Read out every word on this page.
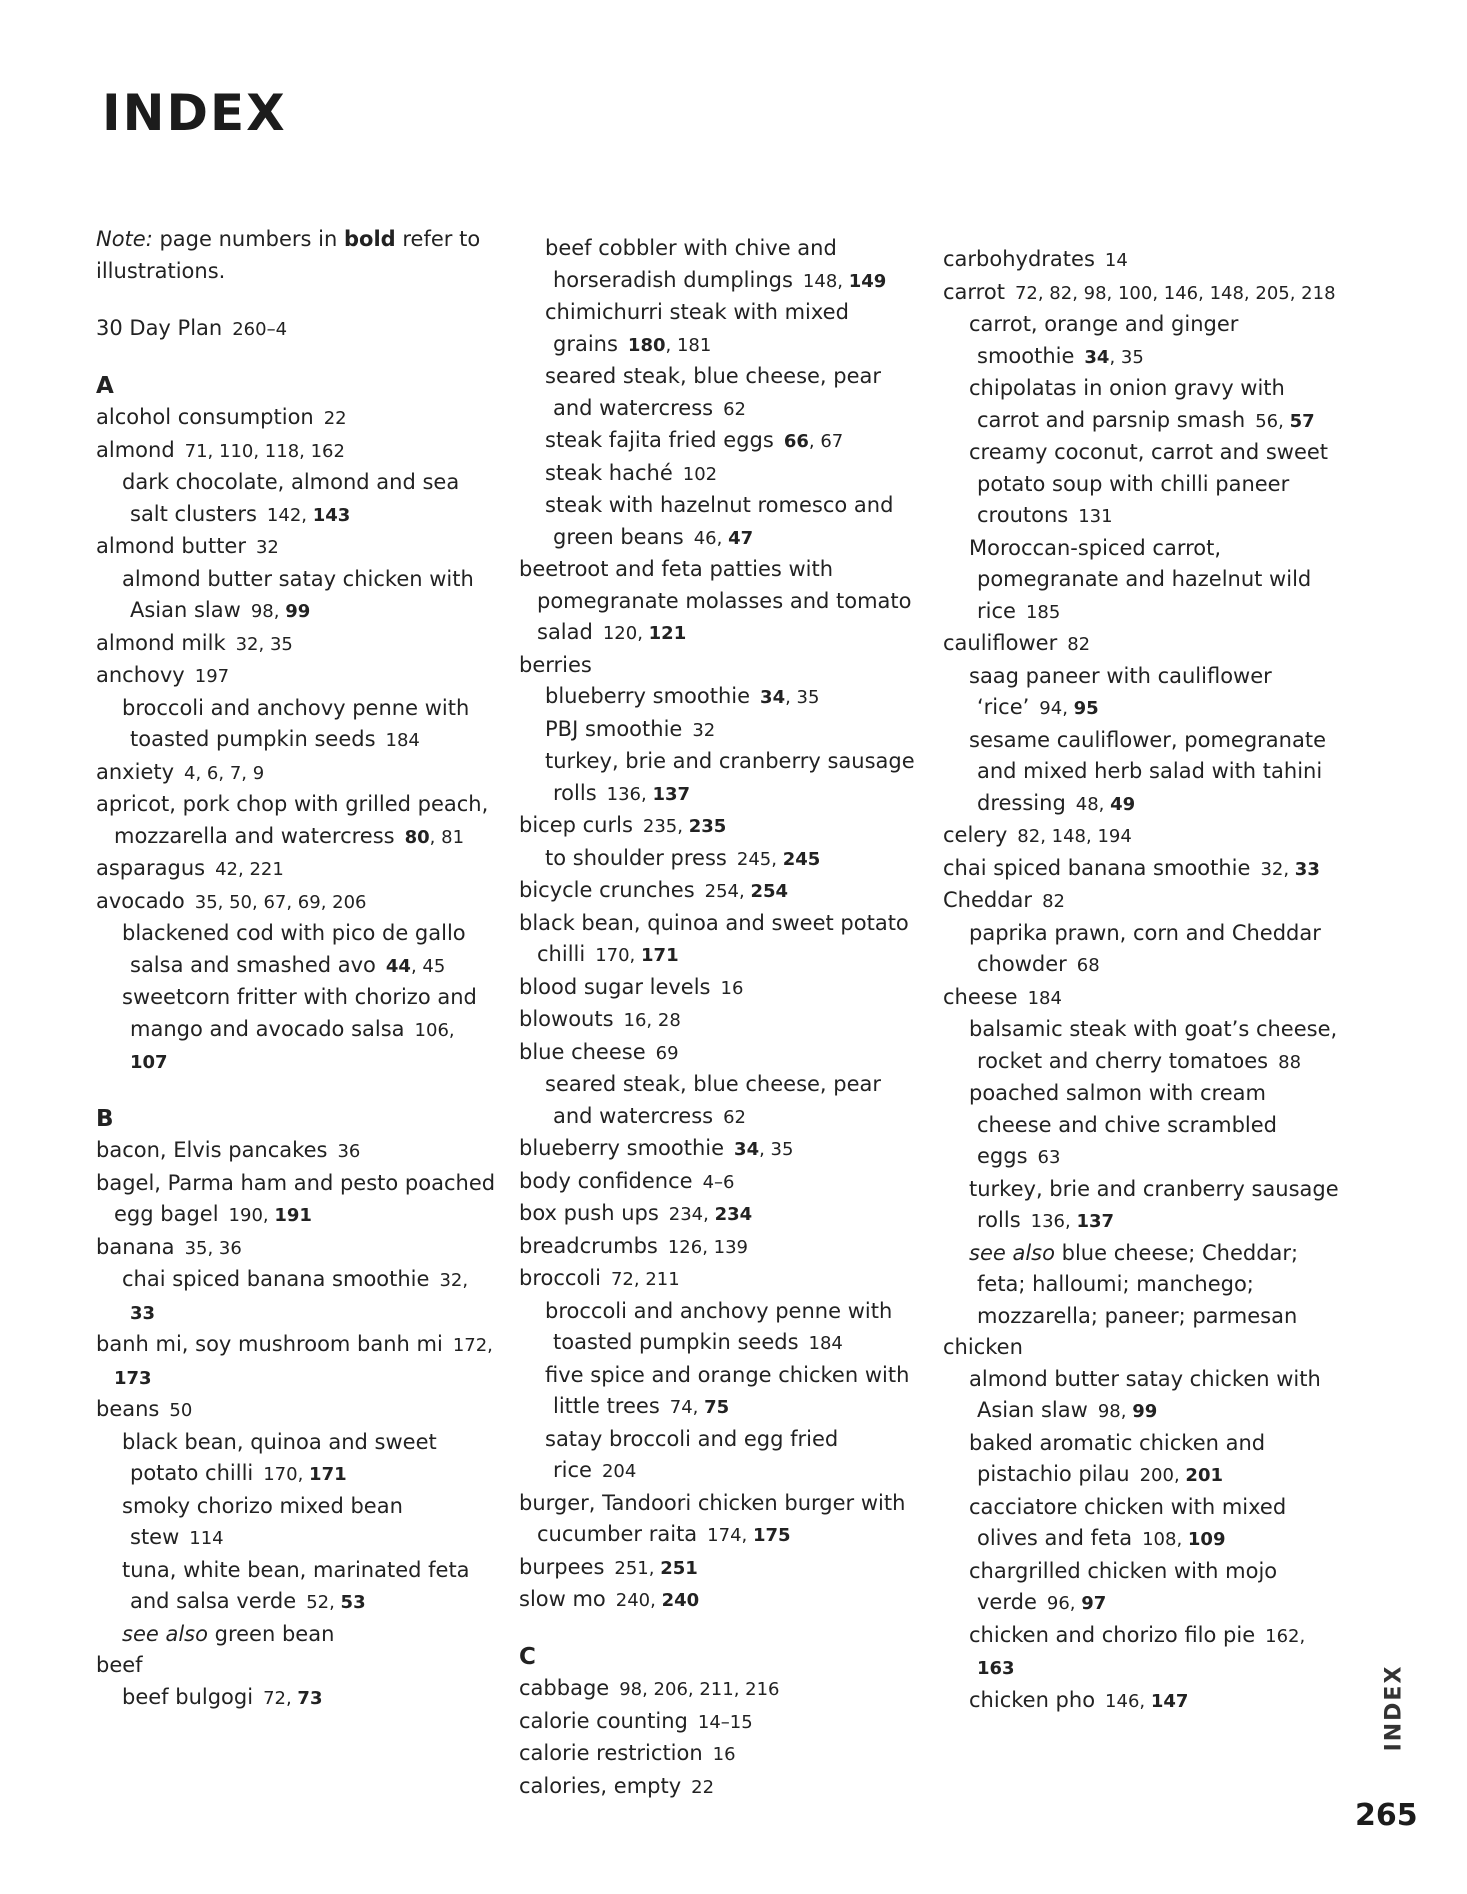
INDEX
Note: page numbers in bold refer to illustrations.
30 Day Plan 260–4
A
alcohol consumption 22
almond 71, 110, 118, 162
dark chocolate, almond and sea salt clusters 142, 143
almond butter 32
almond butter satay chicken with Asian slaw 98, 99
almond milk 32, 35
anchovy 197
broccoli and anchovy penne with toasted pumpkin seeds 184
anxiety 4, 6, 7, 9
apricot, pork chop with grilled peach, mozzarella and watercress 80, 81
asparagus 42, 221
avocado 35, 50, 67, 69, 206
blackened cod with pico de gallo salsa and smashed avo 44, 45
sweetcorn fritter with chorizo and mango and avocado salsa 106, 107
B
bacon, Elvis pancakes 36
bagel, Parma ham and pesto poached egg bagel 190, 191
banana 35, 36
chai spiced banana smoothie 32, 33
banh mi, soy mushroom banh mi 172, 173
beans 50
black bean, quinoa and sweet potato chilli 170, 171
smoky chorizo mixed bean stew 114
tuna, white bean, marinated feta and salsa verde 52, 53
see also green bean
beef
beef bulgogi 72, 73
beef cobbler with chive and horseradish dumplings 148, 149
chimichurri steak with mixed grains 180, 181
seared steak, blue cheese, pear and watercress 62
steak fajita fried eggs 66, 67
steak haché 102
steak with hazelnut romesco and green beans 46, 47
beetroot and feta patties with pomegranate molasses and tomato salad 120, 121
berries
blueberry smoothie 34, 35
PBJ smoothie 32
turkey, brie and cranberry sausage rolls 136, 137
bicep curls 235, 235
to shoulder press 245, 245
bicycle crunches 254, 254
black bean, quinoa and sweet potato chilli 170, 171
blood sugar levels 16
blowouts 16, 28
blue cheese 69
seared steak, blue cheese, pear and watercress 62
blueberry smoothie 34, 35
body confidence 4–6
box push ups 234, 234
breadcrumbs 126, 139
broccoli 72, 211
broccoli and anchovy penne with toasted pumpkin seeds 184
five spice and orange chicken with little trees 74, 75
satay broccoli and egg fried rice 204
burger, Tandoori chicken burger with cucumber raita 174, 175
burpees 251, 251
slow mo 240, 240
C
cabbage 98, 206, 211, 216
calorie counting 14–15
calorie restriction 16
calories, empty 22
carbohydrates 14
carrot 72, 82, 98, 100, 146, 148, 205, 218
carrot, orange and ginger smoothie 34, 35
chipolatas in onion gravy with carrot and parsnip smash 56, 57
creamy coconut, carrot and sweet potato soup with chilli paneer croutons 131
Moroccan-spiced carrot, pomegranate and hazelnut wild rice 185
cauliflower 82
saag paneer with cauliflower ‘rice’ 94, 95
sesame cauliflower, pomegranate and mixed herb salad with tahini dressing 48, 49
celery 82, 148, 194
chai spiced banana smoothie 32, 33
Cheddar 82
paprika prawn, corn and Cheddar chowder 68
cheese 184
balsamic steak with goat’s cheese, rocket and cherry tomatoes 88
poached salmon with cream cheese and chive scrambled eggs 63
turkey, brie and cranberry sausage rolls 136, 137
see also blue cheese; Cheddar; feta; halloumi; manchego; mozzarella; paneer; parmesan
chicken
almond butter satay chicken with Asian slaw 98, 99
baked aromatic chicken and pistachio pilau 200, 201
cacciatore chicken with mixed olives and feta 108, 109
chargrilled chicken with mojo verde 96, 97
chicken and chorizo filo pie 162, 163
chicken pho 146, 147	INDEX
265
